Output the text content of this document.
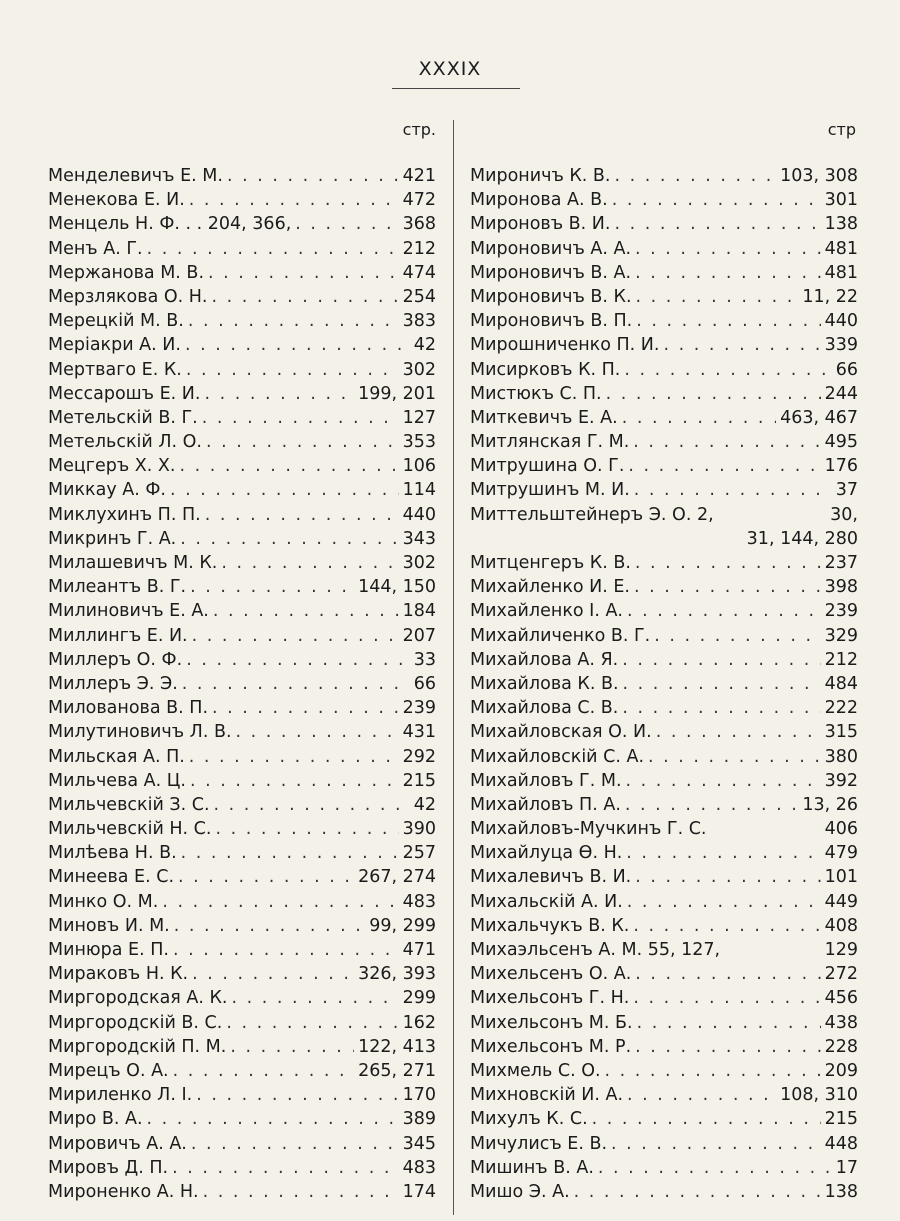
XXXIX
стр.
Менделевичъ Е. М. . . .	421
Менекова Е. И. . . .	472
Менцель Н. Ф. . . 204, 366, . . .	368
Менъ А. Г. . . .	212
Мержанова М. В. . . .	474
Мерзлякова О. Н. . . .	254
Мерецкій М. В. . . .	383
Меріакри А. И. . . .	42
Мертваго Е. К. . . .	302
Мессарошъ Е. И. . . .	199, 201
Метельскій В. Г. . . .	127
Метельскій Л. О. . . .	353
Мецгеръ Х. Х. . . .	106
Миккау А. Ф. . . .	114
Миклухинъ П. П. . . .	440
Микринъ Г. А. . . .	343
Милашевичъ М. К. . . .	302
Милеантъ В. Г. . . .	144, 150
Милиновичъ Е. А. . . .	184
Миллингъ Е. И. . . .	207
Миллеръ О. Ф. . . .	33
Миллеръ Э. Э. . . .	66
Милованова В. П. . . .	239
Милутиновичъ Л. В. . . .	431
Мильская А. П. . . .	292
Мильчева А. Ц. . . .	215
Мильчевскій З. С. . . .	42
Мильчевскій Н. С. . . .	390
Милѣева Н. В. . . .	257
Минеева Е. С. . . .	267, 274
Минко О. М. . . .	483
Миновъ И. М. . . .	99, 299
Минюра Е. П. . . .	471
Мираковъ Н. К. . . .	326, 393
Миргородская А. К. . . .	299
Миргородскій В. С. . . .	162
Миргородскій П. М. . . .	122, 413
Мирецъ О. А. . . .	265, 271
Мириленко Л. І. . . .	170
Миро В. А. . . .	389
Мировичъ А. А. . . .	345
Мировъ Д. П. . . .	483
Мироненко А. Н. . . .	174
стр
Мироничъ К. В. . . .	103, 308
Миронова А. В. . . .	301
Мироновъ В. И. . . .	138
Мироновичъ А. А. . . .	481
Мироновичъ В. А. . . .	481
Мироновичъ В. К. . . .	11, 22
Мироновичъ В. П. . . .	440
Мирошниченко П. И. . . .	339
Мисирковъ К. П. . . .	66
Мистюкъ С. П. . . .	244
Миткевичъ Е. А. . . .	463, 467
Митлянская Г. М. . . .	495
Митрушина О. Г. . . .	176
Митрушинъ М. И. . . .	37
Миттельштейнеръ Э. О. 2,	30,
31, 144, 280
Митценгеръ К. В. . . .	237
Михайленко И. Е. . . .	398
Михайленко І. А. . . .	239
Михайличенко В. Г. . . .	329
Михайлова А. Я. . . .	212
Михайлова К. В. . . .	484
Михайлова С. В. . . .	222
Михайловская О. И. . . .	315
Михайловскій С. А. . . .	380
Михайловъ Г. М. . . .	392
Михайловъ П. А. . . .	13, 26
Михайловъ-Мучкинъ Г. С.	406
Михайлуца Ѳ. Н. . . .	479
Михалевичъ В. И. . . .	101
Михальскій А. И. . . .	449
Михальчукъ В. К. . . .	408
Михаэльсенъ А. М. 55, 127,	129
Михельсенъ О. А. . . .	272
Михельсонъ Г. Н. . . .	456
Михельсонъ М. Б. . . .	438
Михельсонъ М. Р. . . .	228
Михмель С. О. . . .	209
Михновскій И. А. . . .	108, 310
Михулъ К. С. . . .	215
Мичулисъ Е. В. . . .	448
Мишинъ В. А. . . .	17
Мишо Э. А. . . .	138
